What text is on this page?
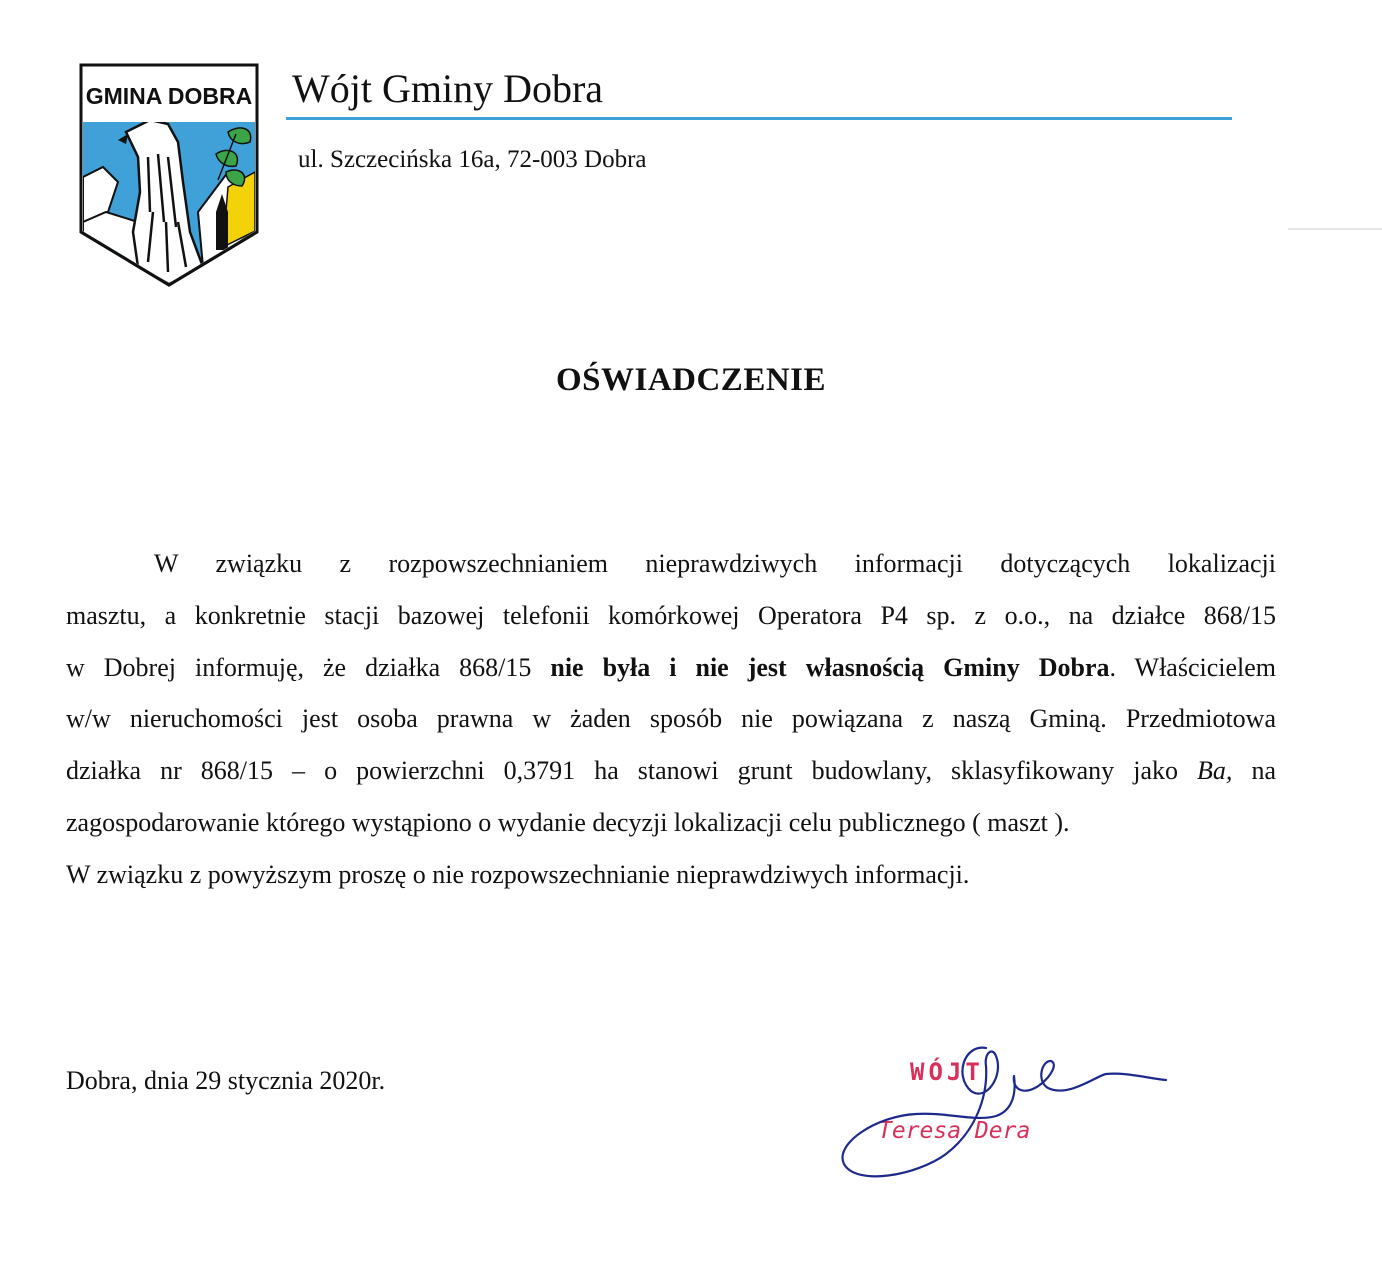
GMINA DOBRA Wójt Gminy Dobra
ul. Szczecińska 16a, 72-003 Dobra
OŚWIADCZENIE
W związku z rozpowszechnianiem nieprawdziwych informacji dotyczących lokalizacji
masztu, a konkretnie stacji bazowej telefonii komórkowej Operatora P4 sp. z o.o., na działce 868/15
w Dobrej informuję, że działka 868/15 nie była i nie jest własnością Gminy Dobra. Właścicielem
w/w nieruchomości jest osoba prawna w żaden sposób nie powiązana z naszą Gminą. Przedmiotowa
działka nr 868/15 – o powierzchni 0,3791 ha stanowi grunt budowlany, sklasyfikowany jako Ba, na
zagospodarowanie którego wystąpiono o wydanie decyzji lokalizacji celu publicznego ( maszt ).
W związku z powyższym proszę o nie rozpowszechnianie nieprawdziwych informacji.
Dobra, dnia 29 stycznia 2020r.	WÓJT
Teresa Dera
